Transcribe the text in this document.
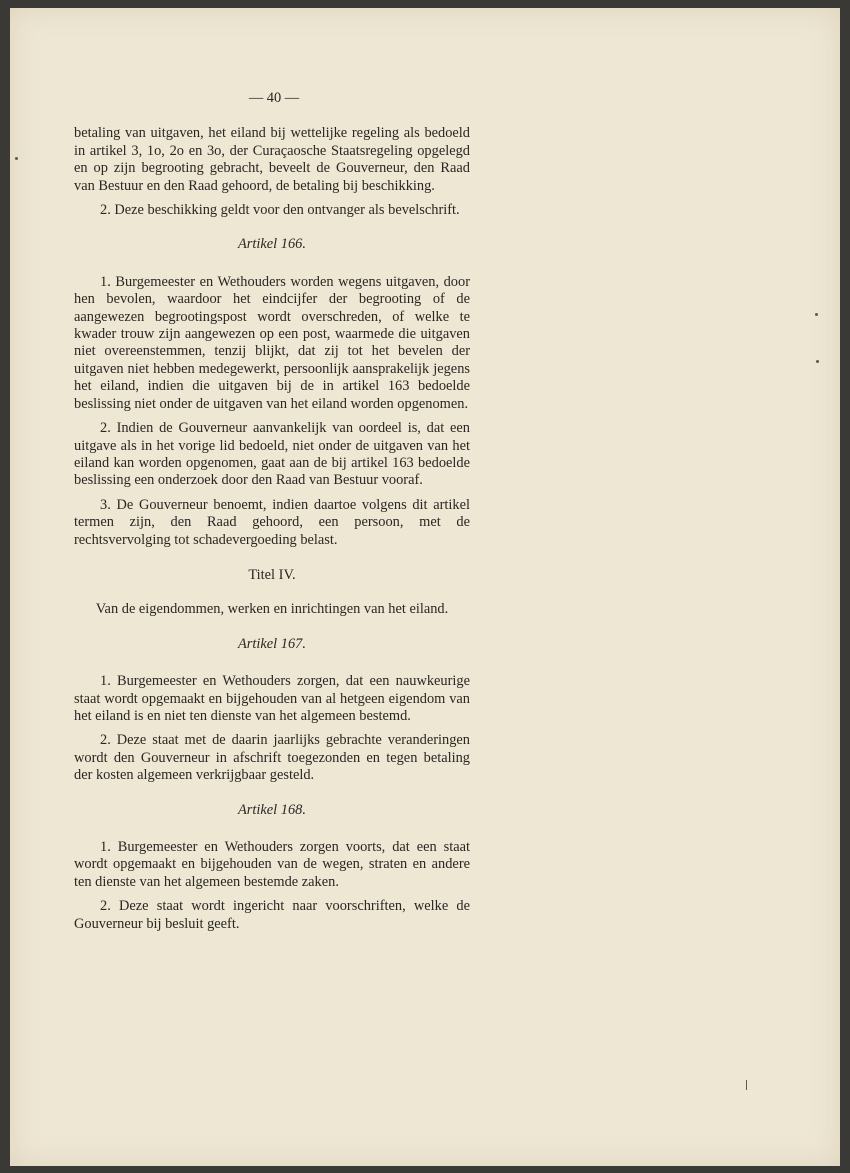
— 40 —

betaling van uitgaven, het eiland bij wettelijke regeling als bedoeld in artikel 3, 1o, 2o en 3o, der Curaçaosche Staatsregeling opgelegd en op zijn begrooting gebracht, beveelt de Gouverneur, den Raad van Bestuur en den Raad gehoord, de betaling bij beschikking.

2. Deze beschikking geldt voor den ontvanger als bevelschrift.

Artikel 166.

1. Burgemeester en Wethouders worden wegens uitgaven, door hen bevolen, waardoor het eindcijfer der begrooting of de aangewezen begrootingspost wordt overschreden, of welke te kwader trouw zijn aangewezen op een post, waarmede die uitgaven niet overeenstemmen, tenzij blijkt, dat zij tot het bevelen der uitgaven niet hebben medegewerkt, persoonlijk aansprakelijk jegens het eiland, indien die uitgaven bij de in artikel 163 bedoelde beslissing niet onder de uitgaven van het eiland worden opgenomen.

2. Indien de Gouverneur aanvankelijk van oordeel is, dat een uitgave als in het vorige lid bedoeld, niet onder de uitgaven van het eiland kan worden opgenomen, gaat aan de bij artikel 163 bedoelde beslissing een onderzoek door den Raad van Bestuur vooraf.

3. De Gouverneur benoemt, indien daartoe volgens dit artikel termen zijn, den Raad gehoord, een persoon, met de rechtsvervolging tot schadevergoeding belast.

Titel IV.
Van de eigendommen, werken en inrichtingen van het eiland.
Artikel 167.

1. Burgemeester en Wethouders zorgen, dat een nauwkeurige staat wordt opgemaakt en bijgehouden van al hetgeen eigendom van het eiland is en niet ten dienste van het algemeen bestemd.

2. Deze staat met de daarin jaarlijks gebrachte veranderingen wordt den Gouverneur in afschrift toegezonden en tegen betaling der kosten algemeen verkrijgbaar gesteld.

Artikel 168.

1. Burgemeester en Wethouders zorgen voorts, dat een staat wordt opgemaakt en bijgehouden van de wegen, straten en andere ten dienste van het algemeen bestemde zaken.

2. Deze staat wordt ingericht naar voorschriften, welke de Gouverneur bij besluit geeft.
